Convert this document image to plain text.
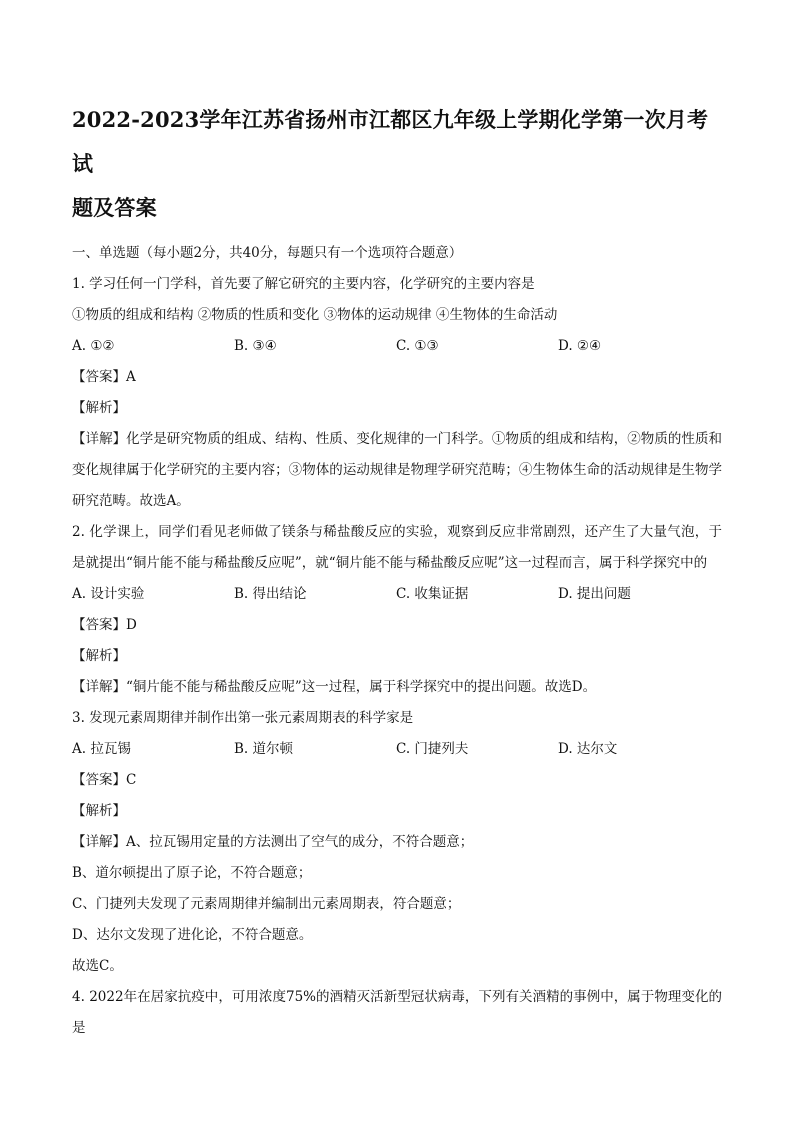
2022-2023学年江苏省扬州市江都区九年级上学期化学第一次月考试
题及答案

一、单选题（每小题2分，共40分，每题只有一个选项符合题意）

1. 学习任何一门学科，首先要了解它研究的主要内容，化学研究的主要内容是

①物质的组成和结构 ②物质的性质和变化 ③物体的运动规律 ④生物体的生命活动

A. ①②	B. ③④	C. ①③	D. ②④

【答案】A

【解析】

【详解】化学是研究物质的组成、结构、性质、变化规律的一门科学。①物质的组成和结构，②物质的性质和变化规律属于化学研究的主要内容；③物体的运动规律是物理学研究范畴；④生物体生命的活动规律是生物学研究范畴。故选A。

2. 化学课上，同学们看见老师做了镁条与稀盐酸反应的实验，观察到反应非常剧烈，还产生了大量气泡，于是就提出“铜片能不能与稀盐酸反应呢”，就“铜片能不能与稀盐酸反应呢”这一过程而言，属于科学探究中的

A. 设计实验	B. 得出结论	C. 收集证据	D. 提出问题

【答案】D

【解析】

【详解】“铜片能不能与稀盐酸反应呢”这一过程，属于科学探究中的提出问题。故选D。

3. 发现元素周期律并制作出第一张元素周期表的科学家是

A. 拉瓦锡	B. 道尔顿	C. 门捷列夫	D. 达尔文

【答案】C

【解析】

【详解】A、拉瓦锡用定量的方法测出了空气的成分，不符合题意；

B、道尔顿提出了原子论，不符合题意；

C、门捷列夫发现了元素周期律并编制出元素周期表，符合题意；

D、达尔文发现了进化论，不符合题意。

故选C。

4. 2022年在居家抗疫中，可用浓度75%的酒精灭活新型冠状病毒，下列有关酒精的事例中，属于物理变化的是
